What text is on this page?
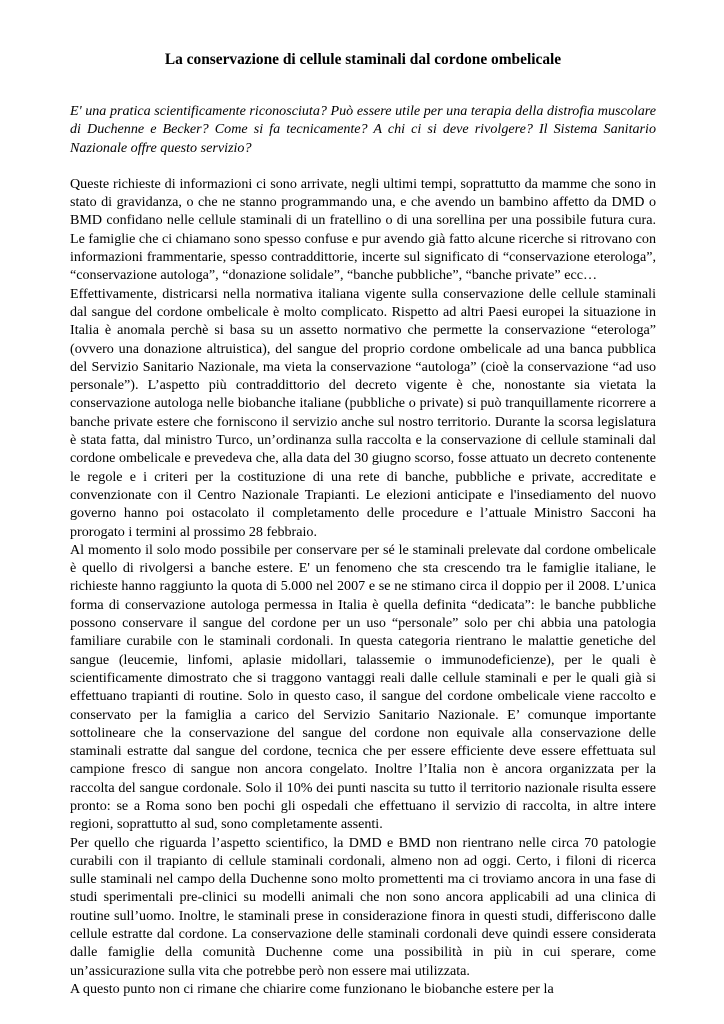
La conservazione di cellule staminali dal cordone ombelicale

E' una pratica scientificamente riconosciuta? Può essere utile per una terapia della distrofia muscolare di Duchenne e Becker? Come si fa tecnicamente? A chi ci si deve rivolgere? Il Sistema Sanitario Nazionale offre questo servizio?

Queste richieste di informazioni ci sono arrivate, negli ultimi tempi, soprattutto da mamme che sono in stato di gravidanza, o che ne stanno programmando una, e che avendo un bambino affetto da DMD o BMD confidano nelle cellule staminali di un fratellino o di una sorellina per una possibile futura cura. Le famiglie che ci chiamano sono spesso confuse e pur avendo già fatto alcune ricerche si ritrovano con informazioni frammentarie, spesso contraddittorie, incerte sul significato di “conservazione eterologa”, “conservazione autologa”, “donazione solidale”, “banche pubbliche”, “banche private” ecc…

Effettivamente, districarsi nella normativa italiana vigente sulla conservazione delle cellule staminali dal sangue del cordone ombelicale è molto complicato. Rispetto ad altri Paesi europei la situazione in Italia è anomala perchè si basa su un assetto normativo che permette la conservazione “eterologa” (ovvero una donazione altruistica), del sangue del proprio cordone ombelicale ad una banca pubblica del Servizio Sanitario Nazionale, ma vieta la conservazione “autologa” (cioè la conservazione “ad uso personale”). L’aspetto più contraddittorio del decreto vigente è che, nonostante sia vietata la conservazione autologa nelle biobanche italiane (pubbliche o private) si può tranquillamente ricorrere a banche private estere che forniscono il servizio anche sul nostro territorio. Durante la scorsa legislatura è stata fatta, dal ministro Turco, un’ordinanza sulla raccolta e la conservazione di cellule staminali dal cordone ombelicale e prevedeva che, alla data del 30 giugno scorso, fosse attuato un decreto contenente le regole e i criteri per la costituzione di una rete di banche, pubbliche e private, accreditate e convenzionate con il Centro Nazionale Trapianti. Le elezioni anticipate e l'insediamento del nuovo governo hanno poi ostacolato il completamento delle procedure e l’attuale Ministro Sacconi ha prorogato i termini al prossimo 28 febbraio.

Al momento il solo modo possibile per conservare per sé le staminali prelevate dal cordone ombelicale è quello di rivolgersi a banche estere. E' un fenomeno che sta crescendo tra le famiglie italiane, le richieste hanno raggiunto la quota di 5.000 nel 2007 e se ne stimano circa il doppio per il 2008. L’unica forma di conservazione autologa permessa in Italia è quella definita “dedicata”: le banche pubbliche possono conservare il sangue del cordone per un uso “personale” solo per chi abbia una patologia familiare curabile con le staminali cordonali. In questa categoria rientrano le malattie genetiche del sangue (leucemie, linfomi, aplasie midollari, talassemie o immunodeficienze), per le quali è scientificamente dimostrato che si traggono vantaggi reali dalle cellule staminali e per le quali già si effettuano trapianti di routine. Solo in questo caso, il sangue del cordone ombelicale viene raccolto e conservato per la famiglia a carico del Servizio Sanitario Nazionale. E’ comunque importante sottolineare che la conservazione del sangue del cordone non equivale alla conservazione delle staminali estratte dal sangue del cordone, tecnica che per essere efficiente deve essere effettuata sul campione fresco di sangue non ancora congelato. Inoltre l’Italia non è ancora organizzata per la raccolta del sangue cordonale. Solo il 10% dei punti nascita su tutto il territorio nazionale risulta essere pronto: se a Roma sono ben pochi gli ospedali che effettuano il servizio di raccolta, in altre intere regioni, soprattutto al sud, sono completamente assenti.

Per quello che riguarda l’aspetto scientifico, la DMD e BMD non rientrano nelle circa 70 patologie curabili con il trapianto di cellule staminali cordonali, almeno non ad oggi. Certo, i filoni di ricerca sulle staminali nel campo della Duchenne sono molto promettenti ma ci troviamo ancora in una fase di studi sperimentali pre-clinici su modelli animali che non sono ancora applicabili ad una clinica di routine sull’uomo. Inoltre, le staminali prese in considerazione finora in questi studi, differiscono dalle cellule estratte dal cordone. La conservazione delle staminali cordonali deve quindi essere considerata dalle famiglie della comunità Duchenne come una possibilità in più in cui sperare, come un’assicurazione sulla vita che potrebbe però non essere mai utilizzata.

A questo punto non ci rimane che chiarire come funzionano le biobanche estere per la
